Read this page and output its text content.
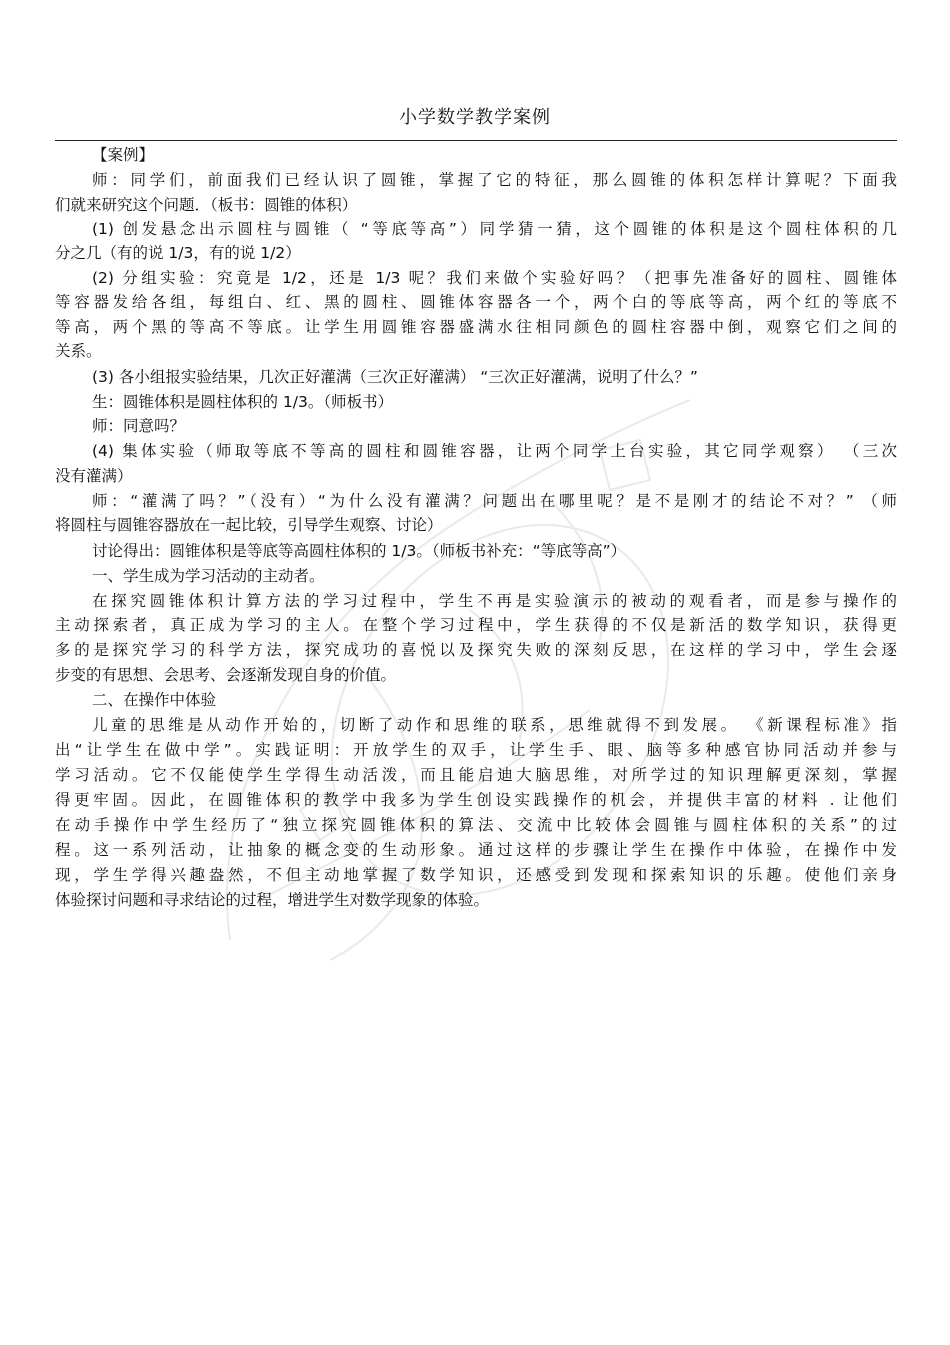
小学数学教学案例
【案例】
师：同学们，前面我们已经认识了圆锥，掌握了它的特征，那么圆锥的体积怎样计算呢？下面我
们就来研究这个问题．（板书：圆锥的体积）
(1) 创发悬念出示圆柱与圆锥（ “等底等高”）同学猜一猜，这个圆锥的体积是这个圆柱体积的几
分之几（有的说 1/3，有的说 1/2）
(2) 分组实验：究竟是 1/2，还是 1/3 呢？我们来做个实验好吗？（把事先准备好的圆柱、圆锥体
等容器发给各组，每组白、红、黑的圆柱、圆锥体容器各一个，两个白的等底等高，两个红的等底不
等高，两个黑的等高不等底。让学生用圆锥容器盛满水往相同颜色的圆柱容器中倒，观察它们之间的
关系。
(3) 各小组报实验结果，几次正好灌满（三次正好灌满） “三次正好灌满，说明了什么？”
生：圆锥体积是圆柱体积的 1/3。（师板书）
师：同意吗？
(4) 集体实验（师取等底不等高的圆柱和圆锥容器，让两个同学上台实验，其它同学观察） （三次
没有灌满）
师：“灌满了吗？”（没有）“为什么没有灌满？问题出在哪里呢？是不是刚才的结论不对？” （师
将圆柱与圆锥容器放在一起比较，引导学生观察、讨论）
讨论得出：圆锥体积是等底等高圆柱体积的 1/3。（师板书补充：“等底等高”）
一、学生成为学习活动的主动者。
在探究圆锥体积计算方法的学习过程中，学生不再是实验演示的被动的观看者，而是参与操作的
主动探索者，真正成为学习的主人。在整个学习过程中，学生获得的不仅是新活的数学知识，获得更
多的是探究学习的科学方法，探究成功的喜悦以及探究失败的深刻反思，在这样的学习中，学生会逐
步变的有思想、会思考、会逐渐发现自身的价值。
二、在操作中体验
儿童的思维是从动作开始的，切断了动作和思维的联系，思维就得不到发展。 《新课程标准》指
出“让学生在做中学”。实践证明：开放学生的双手，让学生手、眼、脑等多种感官协同活动并参与
学习活动。它不仅能使学生学得生动活泼，而且能启迪大脑思维，对所学过的知识理解更深刻，掌握
得更牢固。因此，在圆锥体积的教学中我多为学生创设实践操作的机会，并提供丰富的材料 . 让他们
在动手操作中学生经历了“独立探究圆锥体积的算法、交流中比较体会圆锥与圆柱体积的关系”的过
程。这一系列活动，让抽象的概念变的生动形象。通过这样的步骤让学生在操作中体验，在操作中发
现，学生学得兴趣盎然，不但主动地掌握了数学知识，还感受到发现和探索知识的乐趣。使他们亲身
体验探讨问题和寻求结论的过程，增进学生对数学现象的体验。
